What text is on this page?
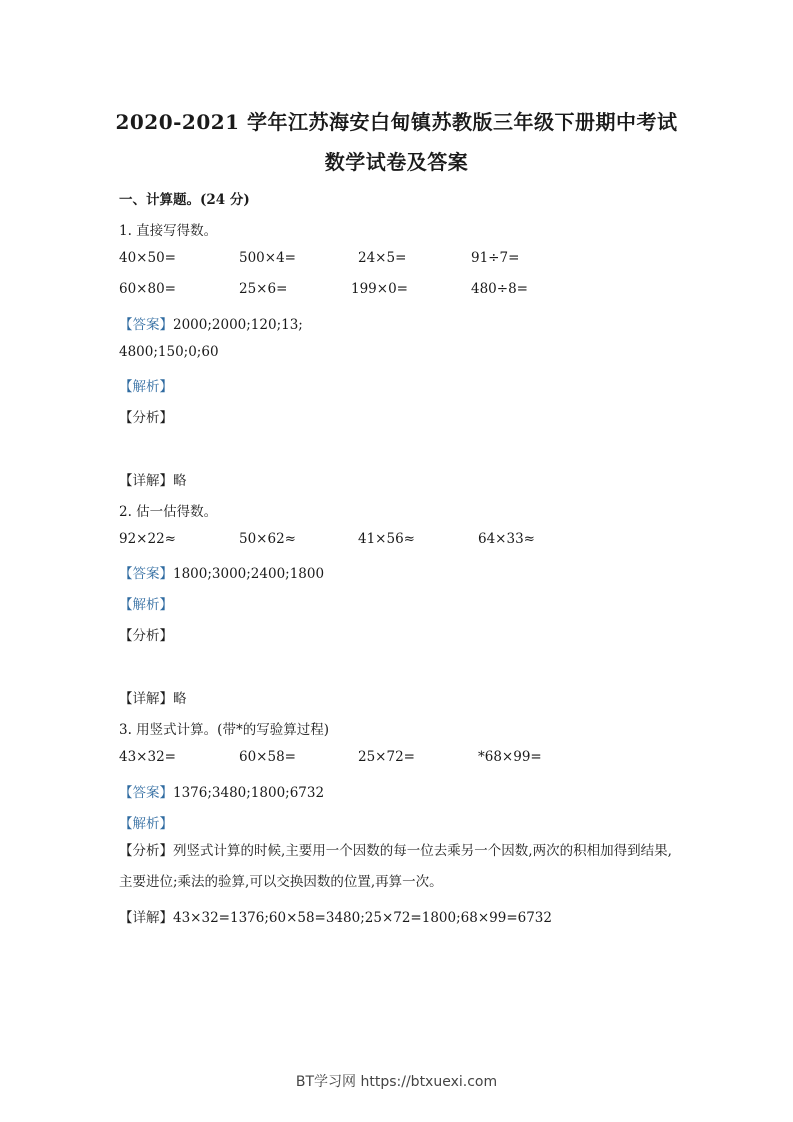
2020-2021 学年江苏海安白甸镇苏教版三年级下册期中考试
数学试卷及答案
一、计算题。(24 分)
1. 直接写得数。
40×50=	500×4=	24×5=	91÷7=
60×80=	25×6=	199×0=	480÷8=
【答案】2000;2000;120;13;
4800;150;0;60
【解析】
【分析】
【详解】略
2. 估一估得数。
92×22≈	50×62≈	41×56≈	64×33≈
【答案】1800;3000;2400;1800
【解析】
【分析】
【详解】略
3. 用竖式计算。(带*的写验算过程)
43×32=	60×58=	25×72=	*68×99=
【答案】1376;3480;1800;6732
【解析】
【分析】列竖式计算的时候,主要用一个因数的每一位去乘另一个因数,两次的积相加得到结果,主要进位;乘法的验算,可以交换因数的位置,再算一次。
【详解】43×32=1376;60×58=3480;25×72=1800;68×99=6732
BT学习网 https://btxuexi.com
